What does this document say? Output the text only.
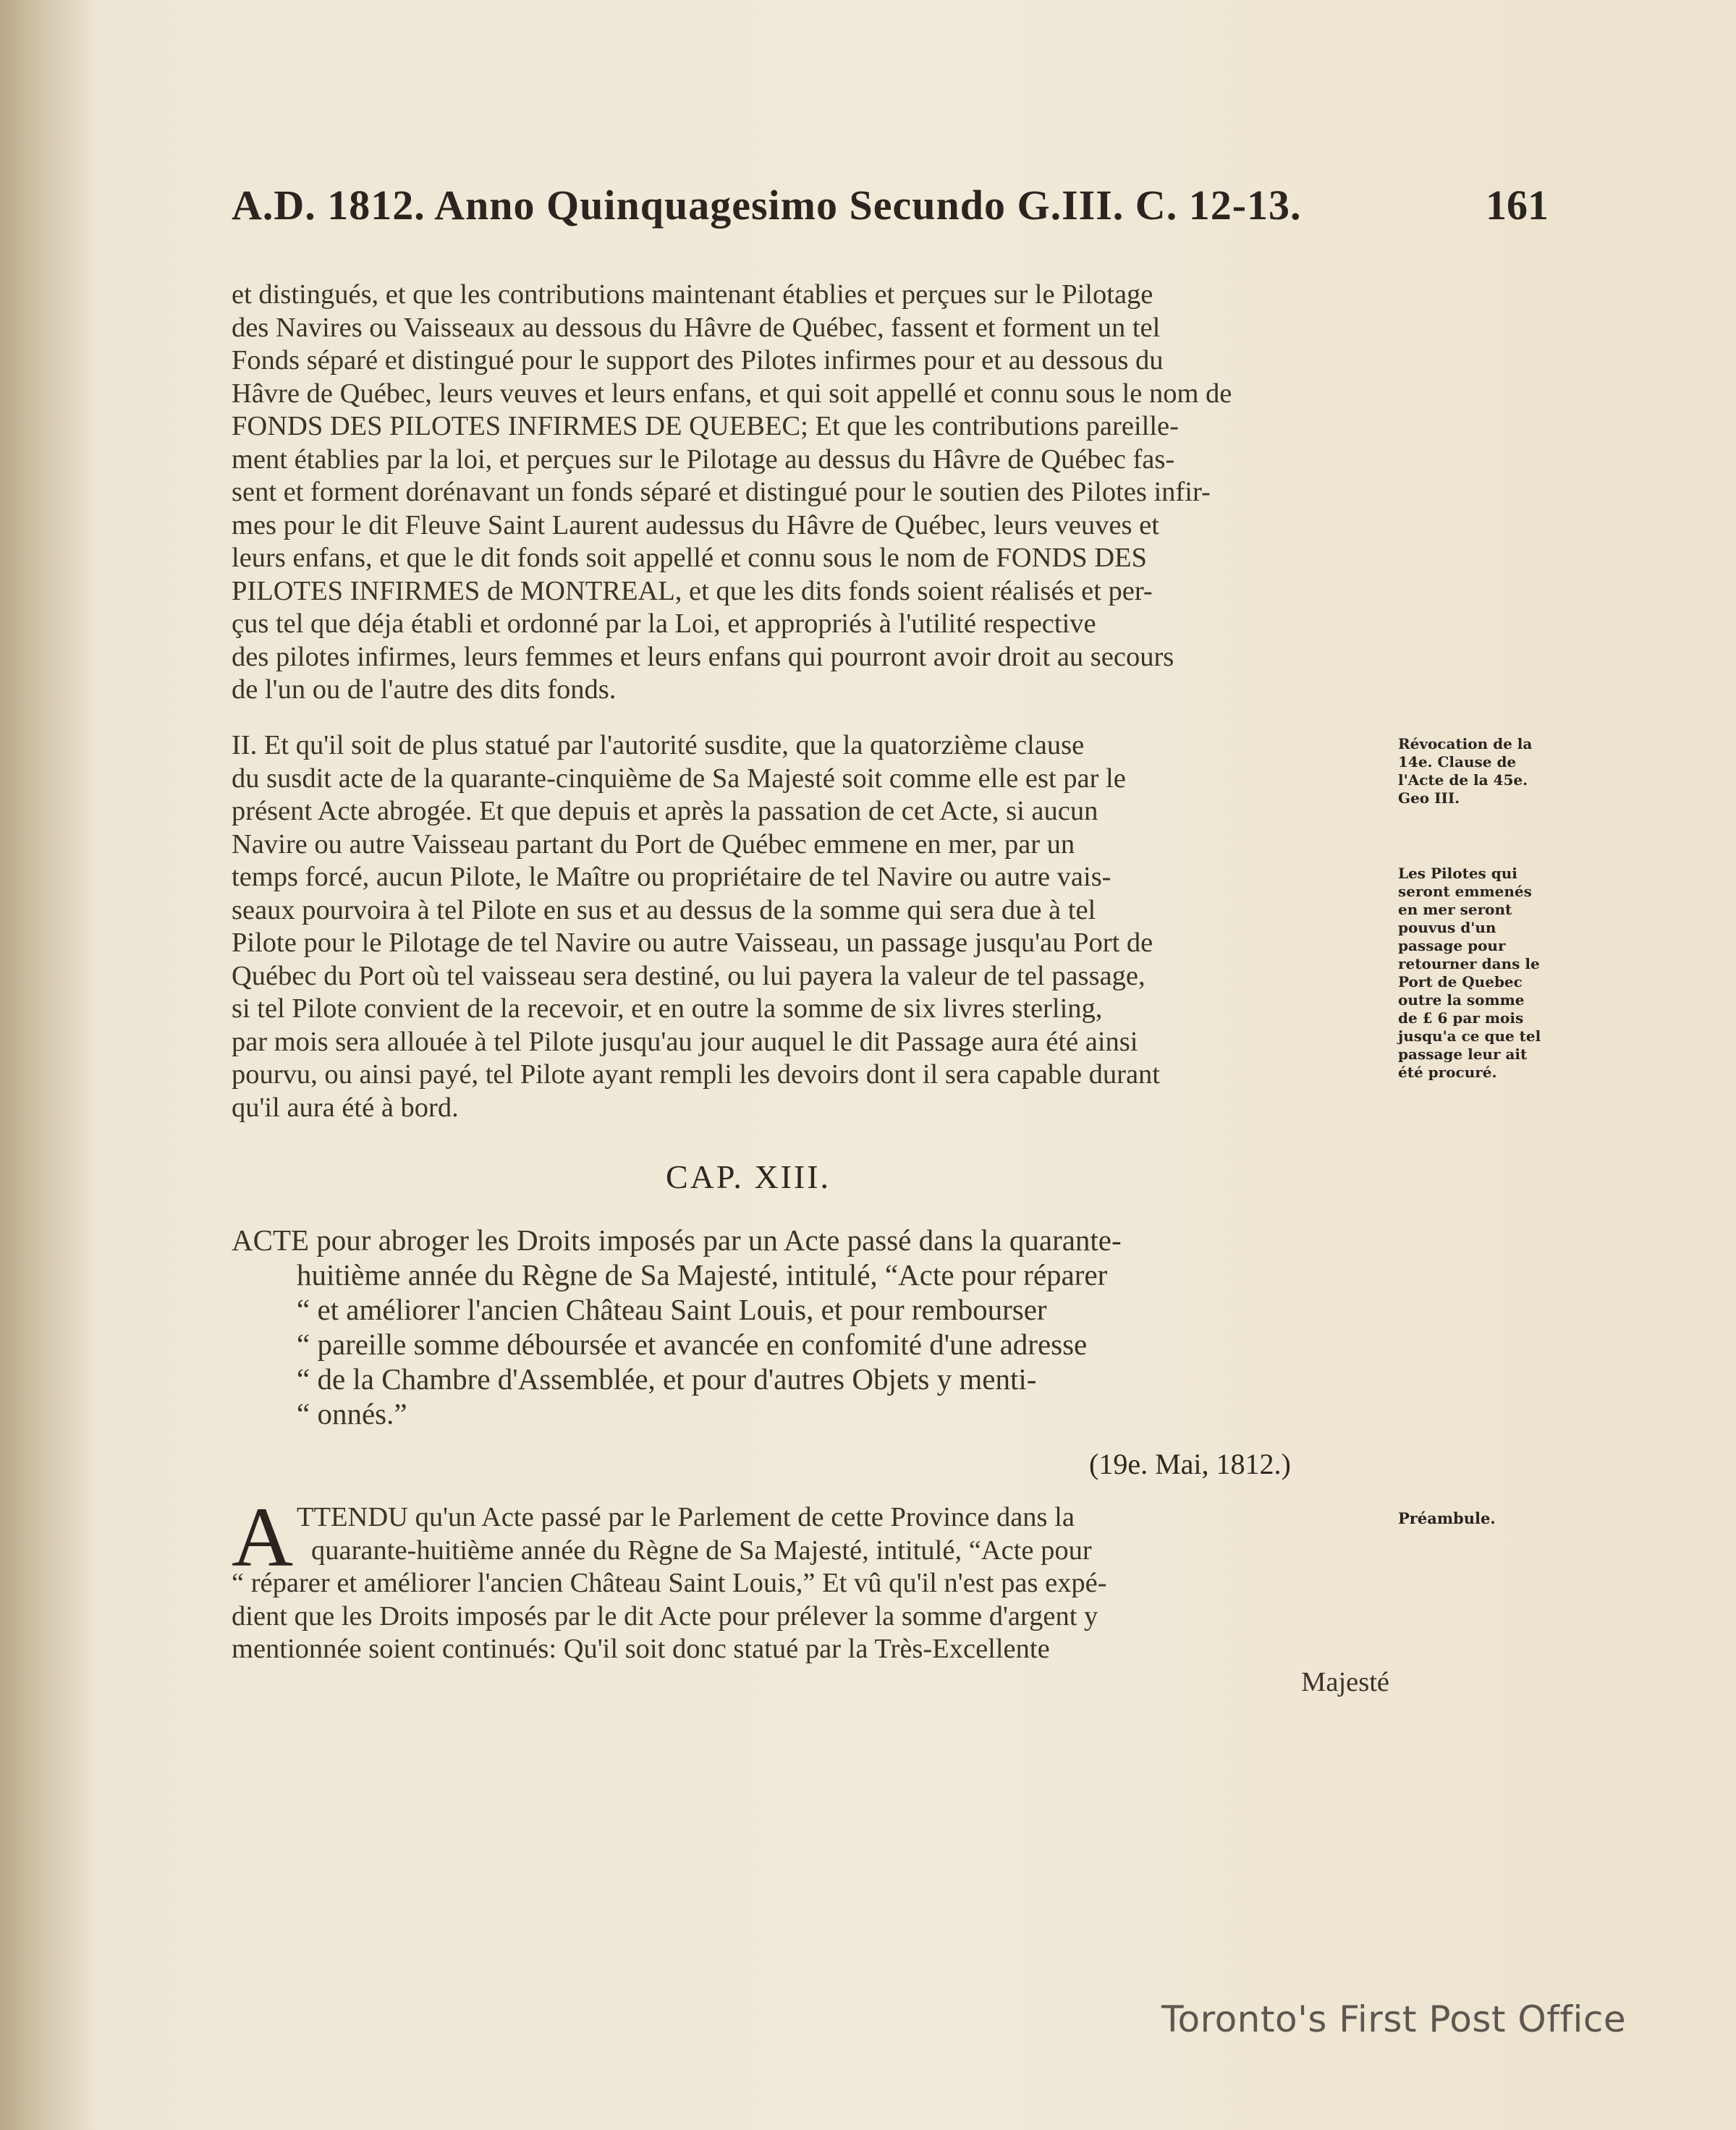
A.D. 1812. Anno Quinquagesimo Secundo G.III. C. 12-13.	161
et distingués, et que les contributions maintenant établies et perçues sur le Pilotage
des Navires ou Vaisseaux au dessous du Hâvre de Québec, fassent et forment un tel
Fonds séparé et distingué pour le support des Pilotes infirmes pour et au dessous du
Hâvre de Québec, leurs veuves et leurs enfans, et qui soit appellé et connu sous le nom de
FONDS DES PILOTES INFIRMES DE QUEBEC; Et que les contributions pareille-
ment établies par la loi, et perçues sur le Pilotage au dessus du Hâvre de Québec fas-
sent et forment dorénavant un fonds séparé et distingué pour le soutien des Pilotes infir-
mes pour le dit Fleuve Saint Laurent audessus du Hâvre de Québec, leurs veuves et
leurs enfans, et que le dit fonds soit appellé et connu sous le nom de FONDS DES
PILOTES INFIRMES de MONTREAL, et que les dits fonds soient réalisés et per-
çus tel que déja établi et ordonné par la Loi, et appropriés à l'utilité respective
des pilotes infirmes, leurs femmes et leurs enfans qui pourront avoir droit au secours
de l'un ou de l'autre des dits fonds.
II. Et qu'il soit de plus statué par l'autorité susdite, que la quatorzième clause
du susdit acte de la quarante-cinquième de Sa Majesté soit comme elle est par le
présent Acte abrogée. Et que depuis et après la passation de cet Acte, si aucun
Navire ou autre Vaisseau partant du Port de Québec emmene en mer, par un
temps forcé, aucun Pilote, le Maître ou propriétaire de tel Navire ou autre vais-
seaux pourvoira à tel Pilote en sus et au dessus de la somme qui sera due à tel
Pilote pour le Pilotage de tel Navire ou autre Vaisseau, un passage jusqu'au Port de
Québec du Port où tel vaisseau sera destiné, ou lui payera la valeur de tel passage,
si tel Pilote convient de la recevoir, et en outre la somme de six livres sterling,
par mois sera allouée à tel Pilote jusqu'au jour auquel le dit Passage aura été ainsi
pourvu, ou ainsi payé, tel Pilote ayant rempli les devoirs dont il sera capable durant
qu'il aura été à bord.
Révocation de la 14e. Clause de l'Acte de la 45e. Geo III.
Les Pilotes qui seront emmenés en mer seront pouvus d'un passage pour retourner dans le Port de Quebec outre la somme de £ 6 par mois jusqu'a ce que tel passage leur ait été procuré.
CAP. XIII.
ACTE pour abroger les Droits imposés par un Acte passé dans la quarante-
huitième année du Règne de Sa Majesté, intitulé, “Acte pour réparer
“ et améliorer l'ancien Château Saint Louis, et pour rembourser
“ pareille somme déboursée et avancée en confomité d'une adresse
“ de la Chambre d'Assemblée, et pour d'autres Objets y menti-
“ onnés.”
(19e. Mai, 1812.)
A TTENDU qu'un Acte passé par le Parlement de cette Province dans la
quarante-huitième année du Règne de Sa Majesté, intitulé, “Acte pour
“ réparer et améliorer l'ancien Château Saint Louis,” Et vû qu'il n'est pas expé-
dient que les Droits imposés par le dit Acte pour prélever la somme d'argent y
mentionnée soient continués: Qu'il soit donc statué par la Très-Excellente
Majesté
Préambule.
Toronto's First Post Office
